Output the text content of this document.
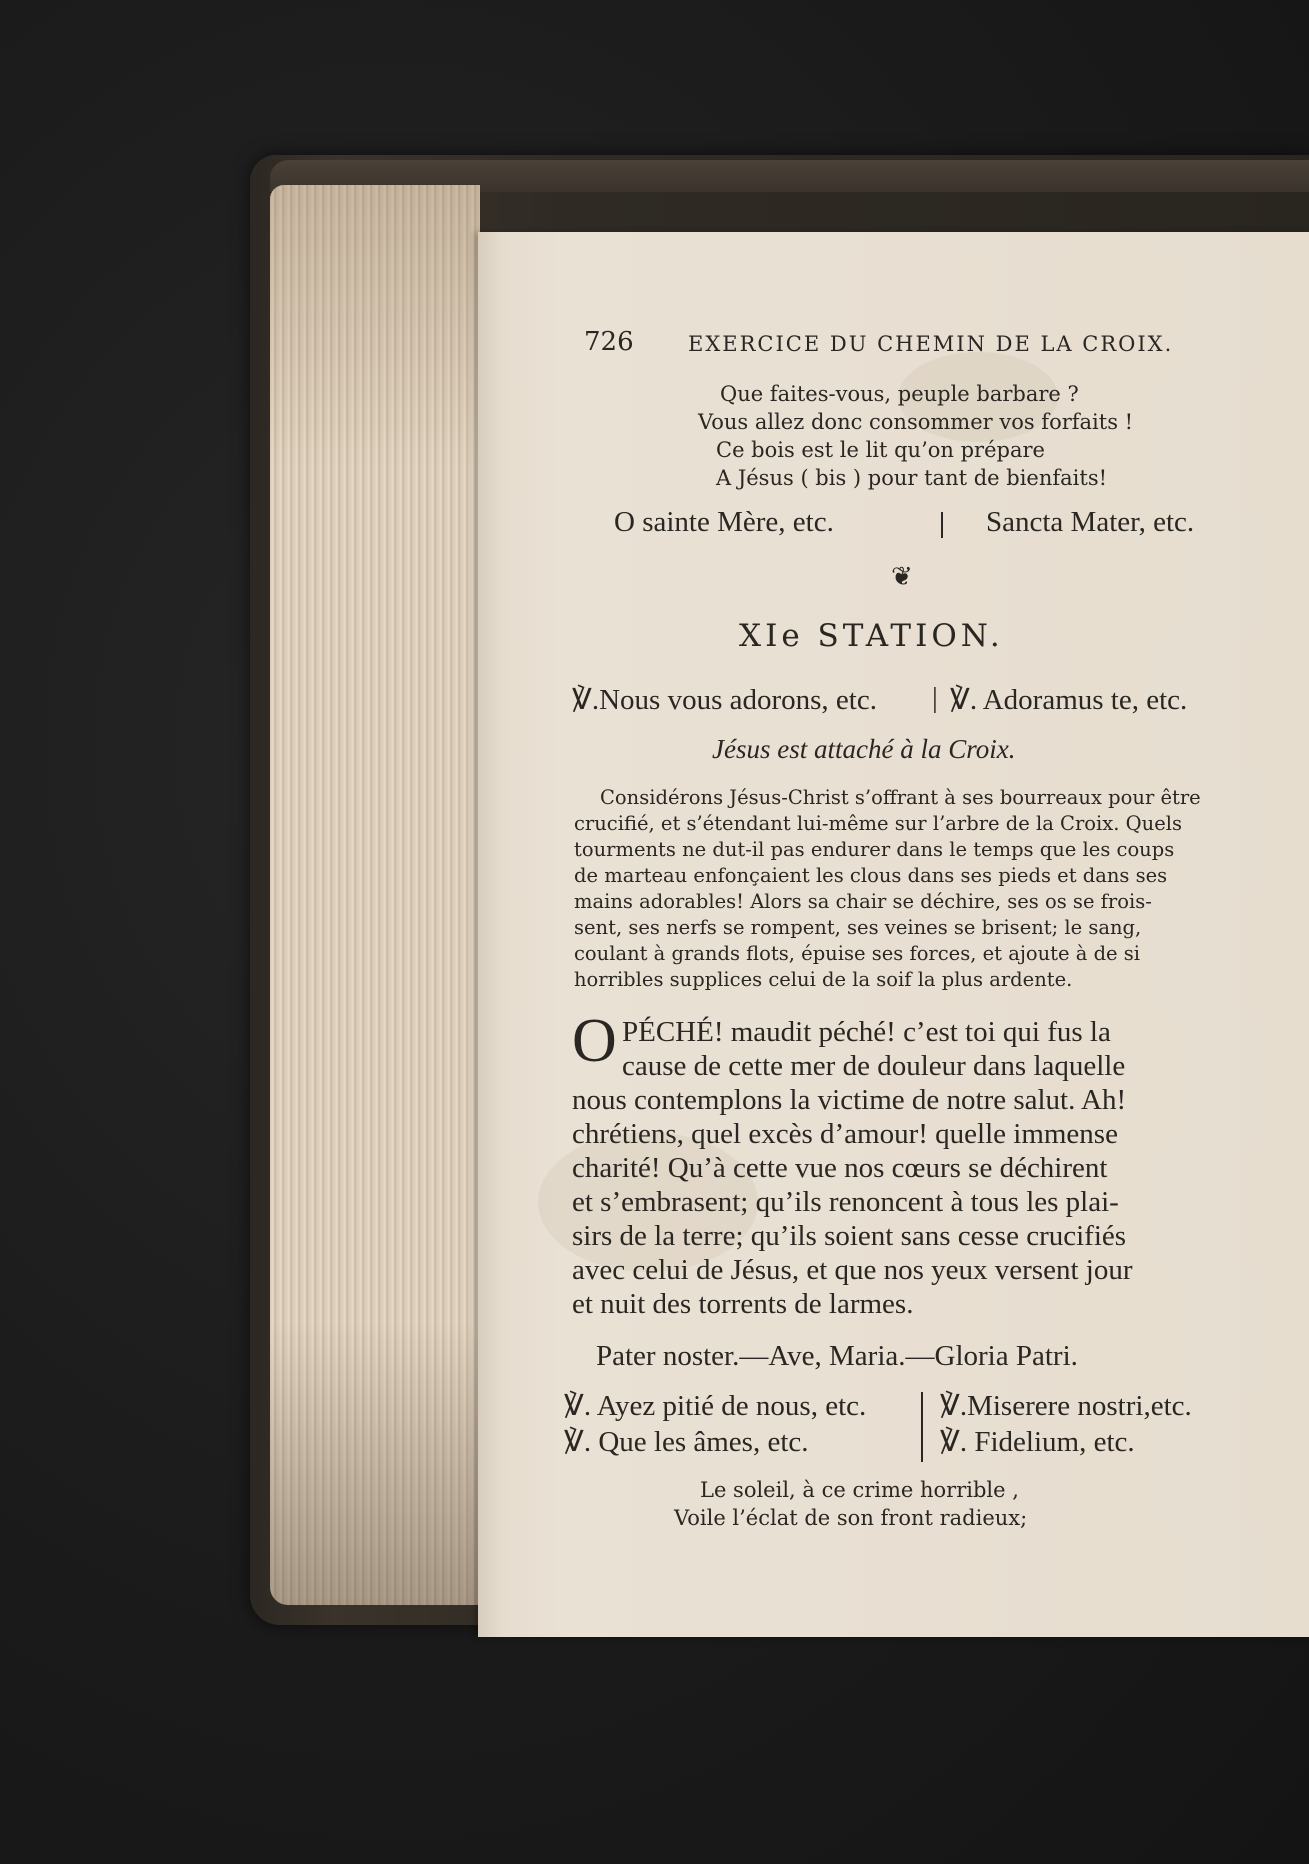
726	EXERCICE DU CHEMIN DE LA CROIX.
Que faites-vous, peuple barbare ?
Vous allez donc consommer vos forfaits !
Ce bois est le lit qu’on prépare
A Jésus ( bis ) pour tant de bienfaits!
O sainte Mère, etc.	Sancta Mater, etc.
❦
XIe STATION.
℣.Nous vous adorons, etc. | ℣. Adoramus te, etc.
Jésus est attaché à la Croix.
Considérons Jésus-Christ s’offrant à ses bourreaux pour être
crucifié, et s’étendant lui-même sur l’arbre de la Croix. Quels
tourments ne dut-il pas endurer dans le temps que les coups
de marteau enfonçaient les clous dans ses pieds et dans ses
mains adorables! Alors sa chair se déchire, ses os se frois-
sent, ses nerfs se rompent, ses veines se brisent; le sang,
coulant à grands flots, épuise ses forces, et ajoute à de si
horribles supplices celui de la soif la plus ardente.
O PÉCHÉ! maudit péché! c’est toi qui fus la
cause de cette mer de douleur dans laquelle
nous contemplons la victime de notre salut. Ah!
chrétiens, quel excès d’amour! quelle immense
charité! Qu’à cette vue nos cœurs se déchirent
et s’embrasent; qu’ils renoncent à tous les plai-
sirs de la terre; qu’ils soient sans cesse crucifiés
avec celui de Jésus, et que nos yeux versent jour
et nuit des torrents de larmes.
Pater noster.—Ave, Maria.—Gloria Patri.
℣. Ayez pitié de nous, etc.
℣. Que les âmes, etc.
℣.Miserere nostri,etc.
℣. Fidelium, etc.
Le soleil, à ce crime horrible ,
Voile l’éclat de son front radieux;
